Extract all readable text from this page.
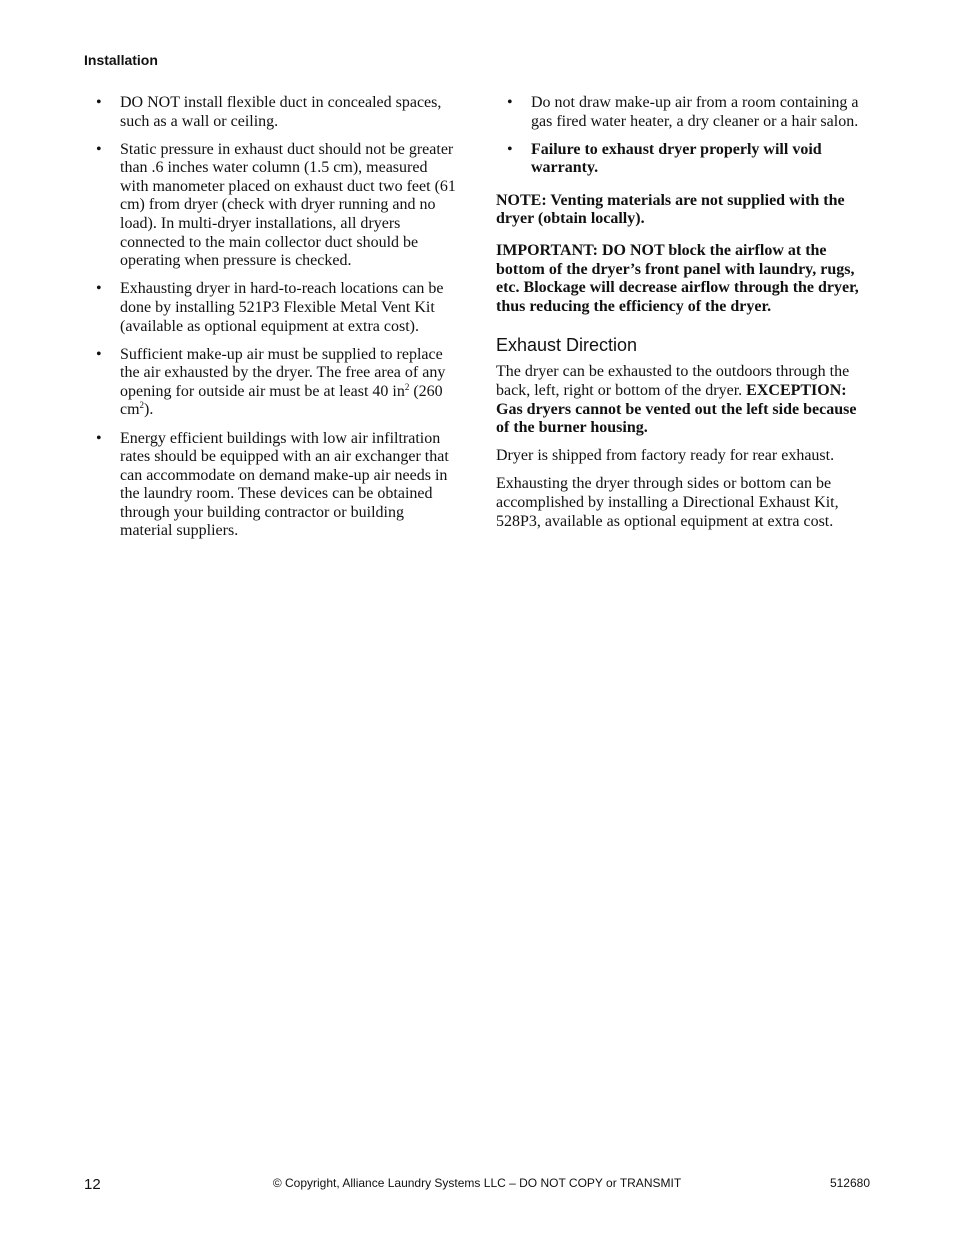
Installation
• DO NOT install flexible duct in concealed spaces, such as a wall or ceiling.
• Static pressure in exhaust duct should not be greater than .6 inches water column (1.5 cm), measured with manometer placed on exhaust duct two feet (61 cm) from dryer (check with dryer running and no load). In multi-dryer installations, all dryers connected to the main collector duct should be operating when pressure is checked.
• Exhausting dryer in hard-to-reach locations can be done by installing 521P3 Flexible Metal Vent Kit (available as optional equipment at extra cost).
• Sufficient make-up air must be supplied to replace the air exhausted by the dryer. The free area of any opening for outside air must be at least 40 $in^2$ (260 $cm^2$).
• Energy efficient buildings with low air infiltration rates should be equipped with an air exchanger that can accommodate on demand make-up air needs in the laundry room. These devices can be obtained through your building contractor or building material suppliers.
• Do not draw make-up air from a room containing a gas fired water heater, a dry cleaner or a hair salon.
• Failure to exhaust dryer properly will void warranty.
NOTE: Venting materials are not supplied with the dryer (obtain locally).
IMPORTANT: DO NOT block the airflow at the bottom of the dryer’s front panel with laundry, rugs, etc. Blockage will decrease airflow through the dryer, thus reducing the efficiency of the dryer.
Exhaust Direction
The dryer can be exhausted to the outdoors through the back, left, right or bottom of the dryer. EXCEPTION: Gas dryers cannot be vented out the left side because of the burner housing.
Dryer is shipped from factory ready for rear exhaust.
Exhausting the dryer through sides or bottom can be accomplished by installing a Directional Exhaust Kit, 528P3, available as optional equipment at extra cost.
12	© Copyright, Alliance Laundry Systems LLC – DO NOT COPY or TRANSMIT	512680
